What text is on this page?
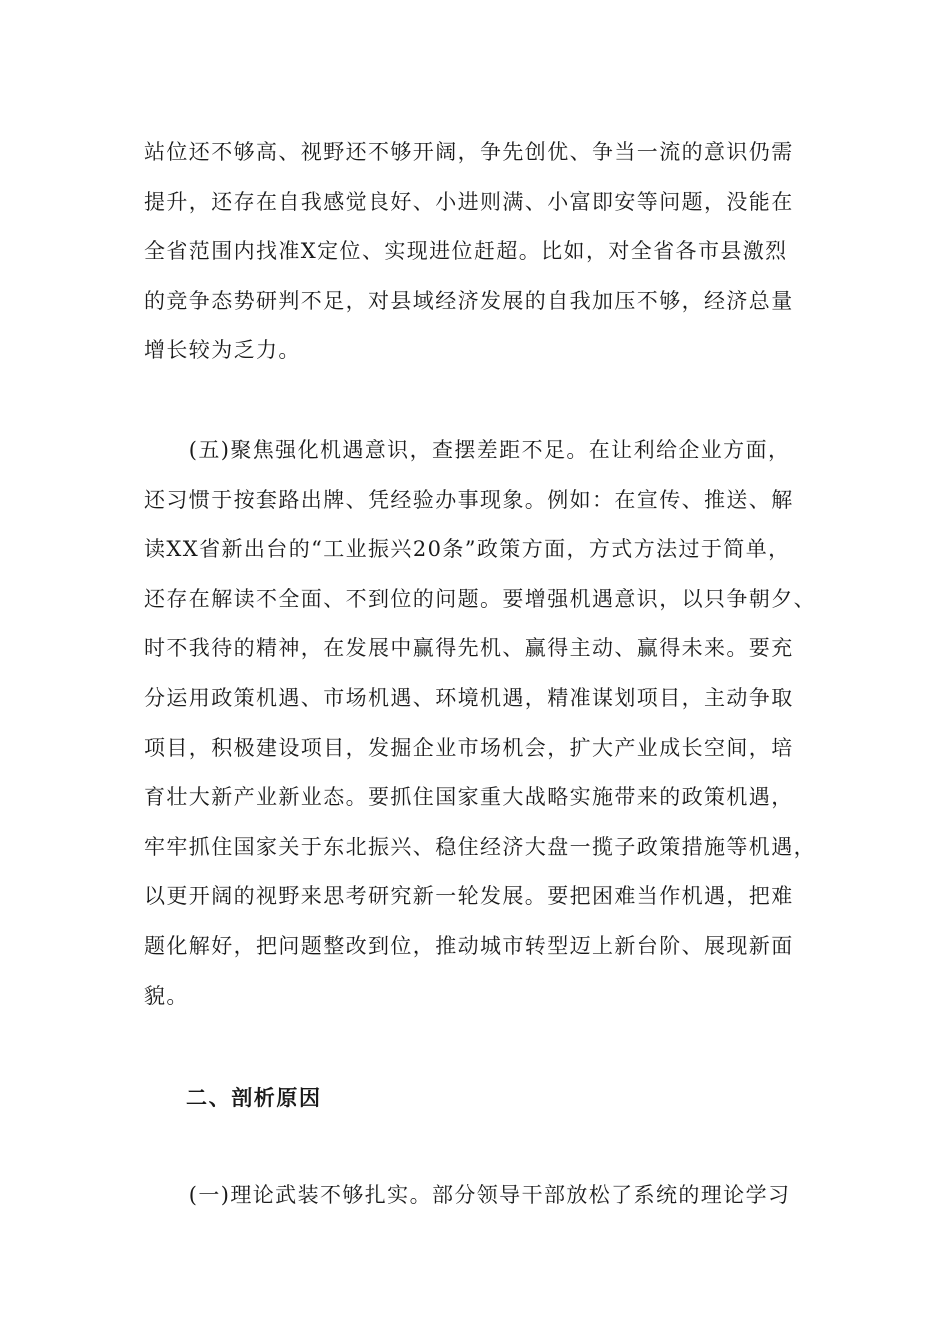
站位还不够高、视野还不够开阔，争先创优、争当一流的意识仍需
提升，还存在自我感觉良好、小进则满、小富即安等问题，没能在
全省范围内找准X定位、实现进位赶超。比如，对全省各市县激烈
的竞争态势研判不足，对县域经济发展的自我加压不够，经济总量
增长较为乏力。
　　(五)聚焦强化机遇意识，查摆差距不足。在让利给企业方面，
还习惯于按套路出牌、凭经验办事现象。例如：在宣传、推送、解
读XX省新出台的“工业振兴20条”政策方面，方式方法过于简单，
还存在解读不全面、不到位的问题。要增强机遇意识，以只争朝夕、
时不我待的精神，在发展中赢得先机、赢得主动、赢得未来。要充
分运用政策机遇、市场机遇、环境机遇，精准谋划项目，主动争取
项目，积极建设项目，发掘企业市场机会，扩大产业成长空间，培
育壮大新产业新业态。要抓住国家重大战略实施带来的政策机遇，
牢牢抓住国家关于东北振兴、稳住经济大盘一揽子政策措施等机遇，
以更开阔的视野来思考研究新一轮发展。要把困难当作机遇，把难
题化解好，把问题整改到位，推动城市转型迈上新台阶、展现新面
貌。
二、剖析原因
　　(一)理论武装不够扎实。部分领导干部放松了系统的理论学习
